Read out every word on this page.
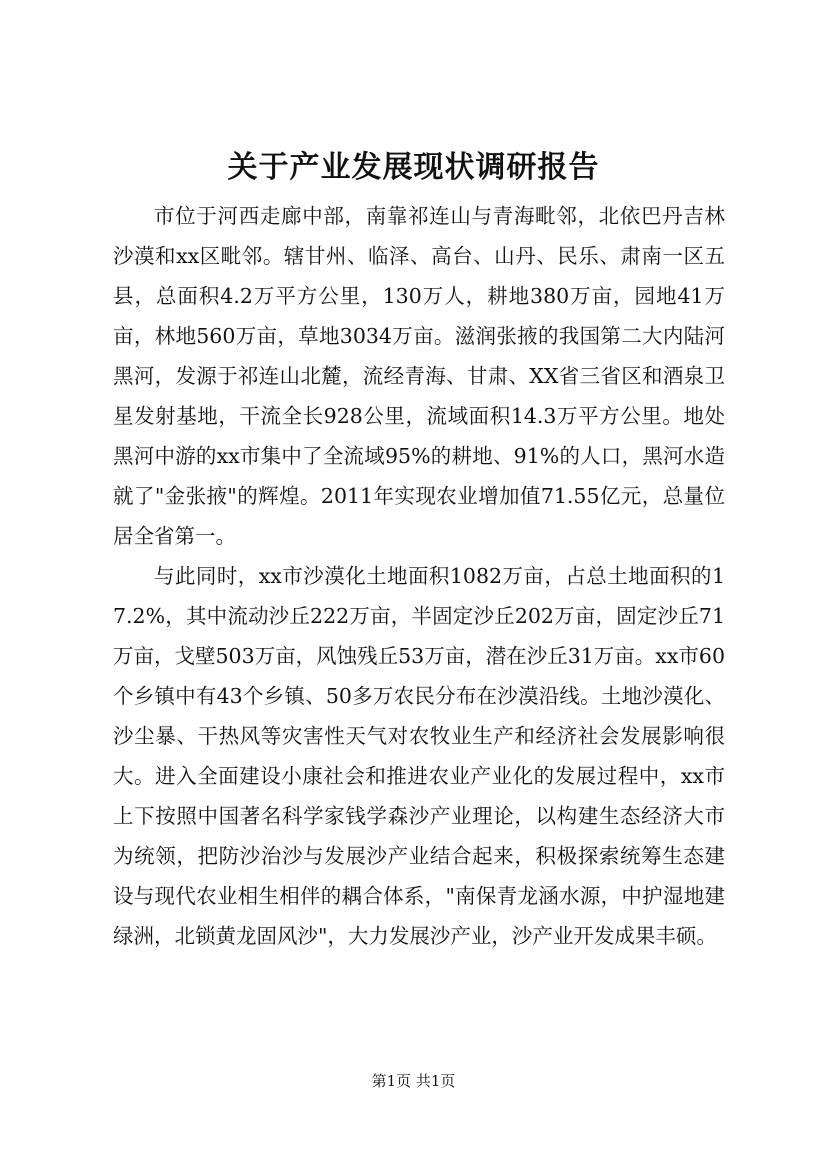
关于产业发展现状调研报告

市位于河西走廊中部，南靠祁连山与青海毗邻，北依巴丹吉林沙漠和xx区毗邻。辖甘州、临泽、高台、山丹、民乐、肃南一区五县，总面积4.2万平方公里，130万人，耕地380万亩，园地41万亩，林地560万亩，草地3034万亩。滋润张掖的我国第二大内陆河黑河，发源于祁连山北麓，流经青海、甘肃、XX省三省区和酒泉卫星发射基地，干流全长928公里，流域面积14.3万平方公里。地处黑河中游的xx市集中了全流域95%的耕地、91%的人口，黑河水造就了"金张掖"的辉煌。2011年实现农业增加值71.55亿元，总量位居全省第一。

与此同时，xx市沙漠化土地面积1082万亩，占总土地面积的17.2%，其中流动沙丘222万亩，半固定沙丘202万亩，固定沙丘71万亩，戈壁503万亩，风蚀残丘53万亩，潜在沙丘31万亩。xx市60个乡镇中有43个乡镇、50多万农民分布在沙漠沿线。土地沙漠化、沙尘暴、干热风等灾害性天气对农牧业生产和经济社会发展影响很大。进入全面建设小康社会和推进农业产业化的发展过程中，xx市上下按照中国著名科学家钱学森沙产业理论，以构建生态经济大市为统领，把防沙治沙与发展沙产业结合起来，积极探索统筹生态建设与现代农业相生相伴的耦合体系，"南保青龙涵水源，中护湿地建绿洲，北锁黄龙固风沙"，大力发展沙产业，沙产业开发成果丰硕。

第1页 共1页
